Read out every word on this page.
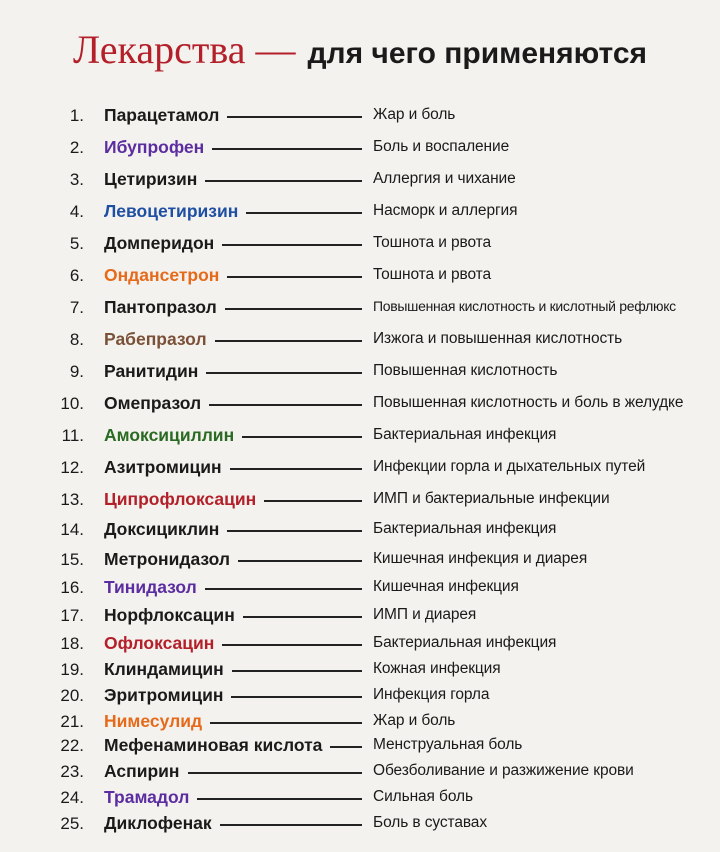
Лекарства — для чего применяются
1. Парацетамол	Жар и боль
2. Ибупрофен	Боль и воспаление
3. Цетиризин	Аллергия и чихание
4. Левоцетиризин	Насморк и аллергия
5. Домперидон	Тошнота и рвота
6. Ондансетрон	Тошнота и рвота
7. Пантопразол	Повышенная кислотность и кислотный рефлюкс
8. Рабепразол	Изжога и повышенная кислотность
9. Ранитидин	Повышенная кислотность
10. Омепразол	Повышенная кислотность и боль в желудке
11. Амоксициллин	Бактериальная инфекция
12. Азитромицин	Инфекции горла и дыхательных путей
13. Ципрофлоксацин	ИМП и бактериальные инфекции
14. Доксициклин	Бактериальная инфекция
15. Метронидазол	Кишечная инфекция и диарея
16. Тинидазол	Кишечная инфекция
17. Норфлоксацин	ИМП и диарея
18. Офлоксацин	Бактериальная инфекция
19. Клиндамицин	Кожная инфекция
20. Эритромицин	Инфекция горла
21. Нимесулид	Жар и боль
22. Мефенаминовая кислота	Менструальная боль
23. Аспирин	Обезболивание и разжижение крови
24. Трамадол	Сильная боль
25. Диклофенак	Боль в суставах
